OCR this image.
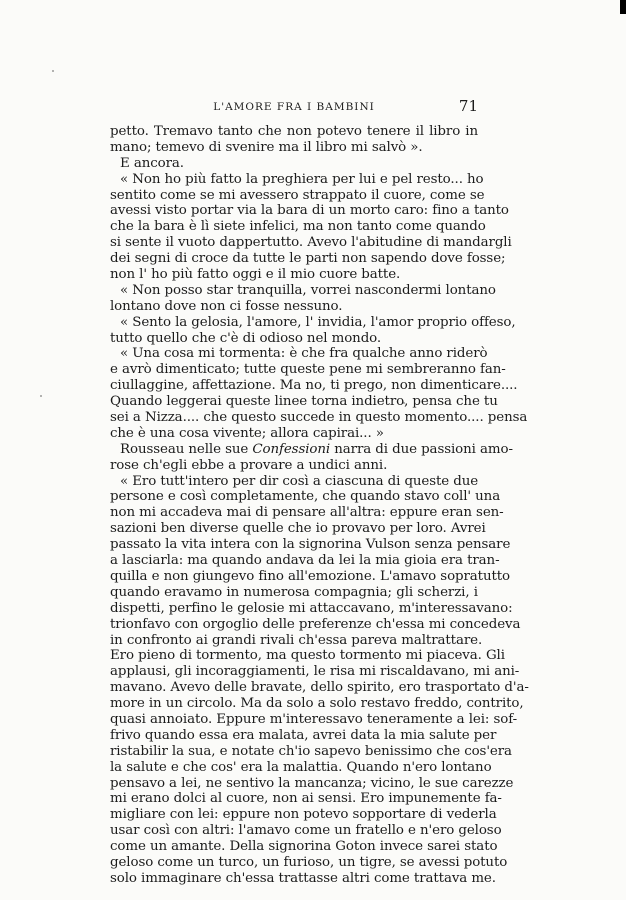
L'AMORE FRA I BAMBINI	71
petto. Tremavo tanto che non potevo tenere il libro in
mano; temevo di svenire ma il libro mi salvò ».
E ancora.
« Non ho più fatto la preghiera per lui e pel resto... ho
sentito come se mi avessero strappato il cuore, come se
avessi visto portar via la bara di un morto caro: fino a tanto
che la bara è lì siete infelici, ma non tanto come quando
si sente il vuoto dappertutto. Avevo l'abitudine di mandargli
dei segni di croce da tutte le parti non sapendo dove fosse;
non l' ho più fatto oggi e il mio cuore batte.
« Non posso star tranquilla, vorrei nascondermi lontano
lontano dove non ci fosse nessuno.
« Sento la gelosia, l'amore, l' invidia, l'amor proprio offeso,
tutto quello che c'è di odioso nel mondo.
« Una cosa mi tormenta: è che fra qualche anno riderò
e avrò dimenticato; tutte queste pene mi sembreranno fan-
ciullaggine, affettazione. Ma no, ti prego, non dimenticare....
Quando leggerai queste linee torna indietro, pensa che tu
sei a Nizza.... che questo succede in questo momento.... pensa
che è una cosa vivente; allora capirai... »
Rousseau nelle sue Confessioni narra di due passioni amo-
rose ch'egli ebbe a provare a undici anni.
« Ero tutt'intero per dir così a ciascuna di queste due
persone e così completamente, che quando stavo coll' una
non mi accadeva mai di pensare all'altra: eppure eran sen-
sazioni ben diverse quelle che io provavo per loro. Avrei
passato la vita intera con la signorina Vulson senza pensare
a lasciarla: ma quando andava da lei la mia gioia era tran-
quilla e non giungevo fino all'emozione. L'amavo sopratutto
quando eravamo in numerosa compagnia; gli scherzi, i
dispetti, perfino le gelosie mi attaccavano, m'interessavano:
trionfavo con orgoglio delle preferenze ch'essa mi concedeva
in confronto ai grandi rivali ch'essa pareva maltrattare.
Ero pieno di tormento, ma questo tormento mi piaceva. Gli
applausi, gli incoraggiamenti, le risa mi riscaldavano, mi ani-
mavano. Avevo delle bravate, dello spirito, ero trasportato d'a-
more in un circolo. Ma da solo a solo restavo freddo, contrito,
quasi annoiato. Eppure m'interessavo teneramente a lei: sof-
frivo quando essa era malata, avrei data la mia salute per
ristabilir la sua, e notate ch'io sapevo benissimo che cos'era
la salute e che cos' era la malattia. Quando n'ero lontano
pensavo a lei, ne sentivo la mancanza; vicino, le sue carezze
mi erano dolci al cuore, non ai sensi. Ero impunemente fa-
migliare con lei: eppure non potevo sopportare di vederla
usar così con altri: l'amavo come un fratello e n'ero geloso
come un amante. Della signorina Goton invece sarei stato
geloso come un turco, un furioso, un tigre, se avessi potuto
solo immaginare ch'essa trattasse altri come trattava me.
